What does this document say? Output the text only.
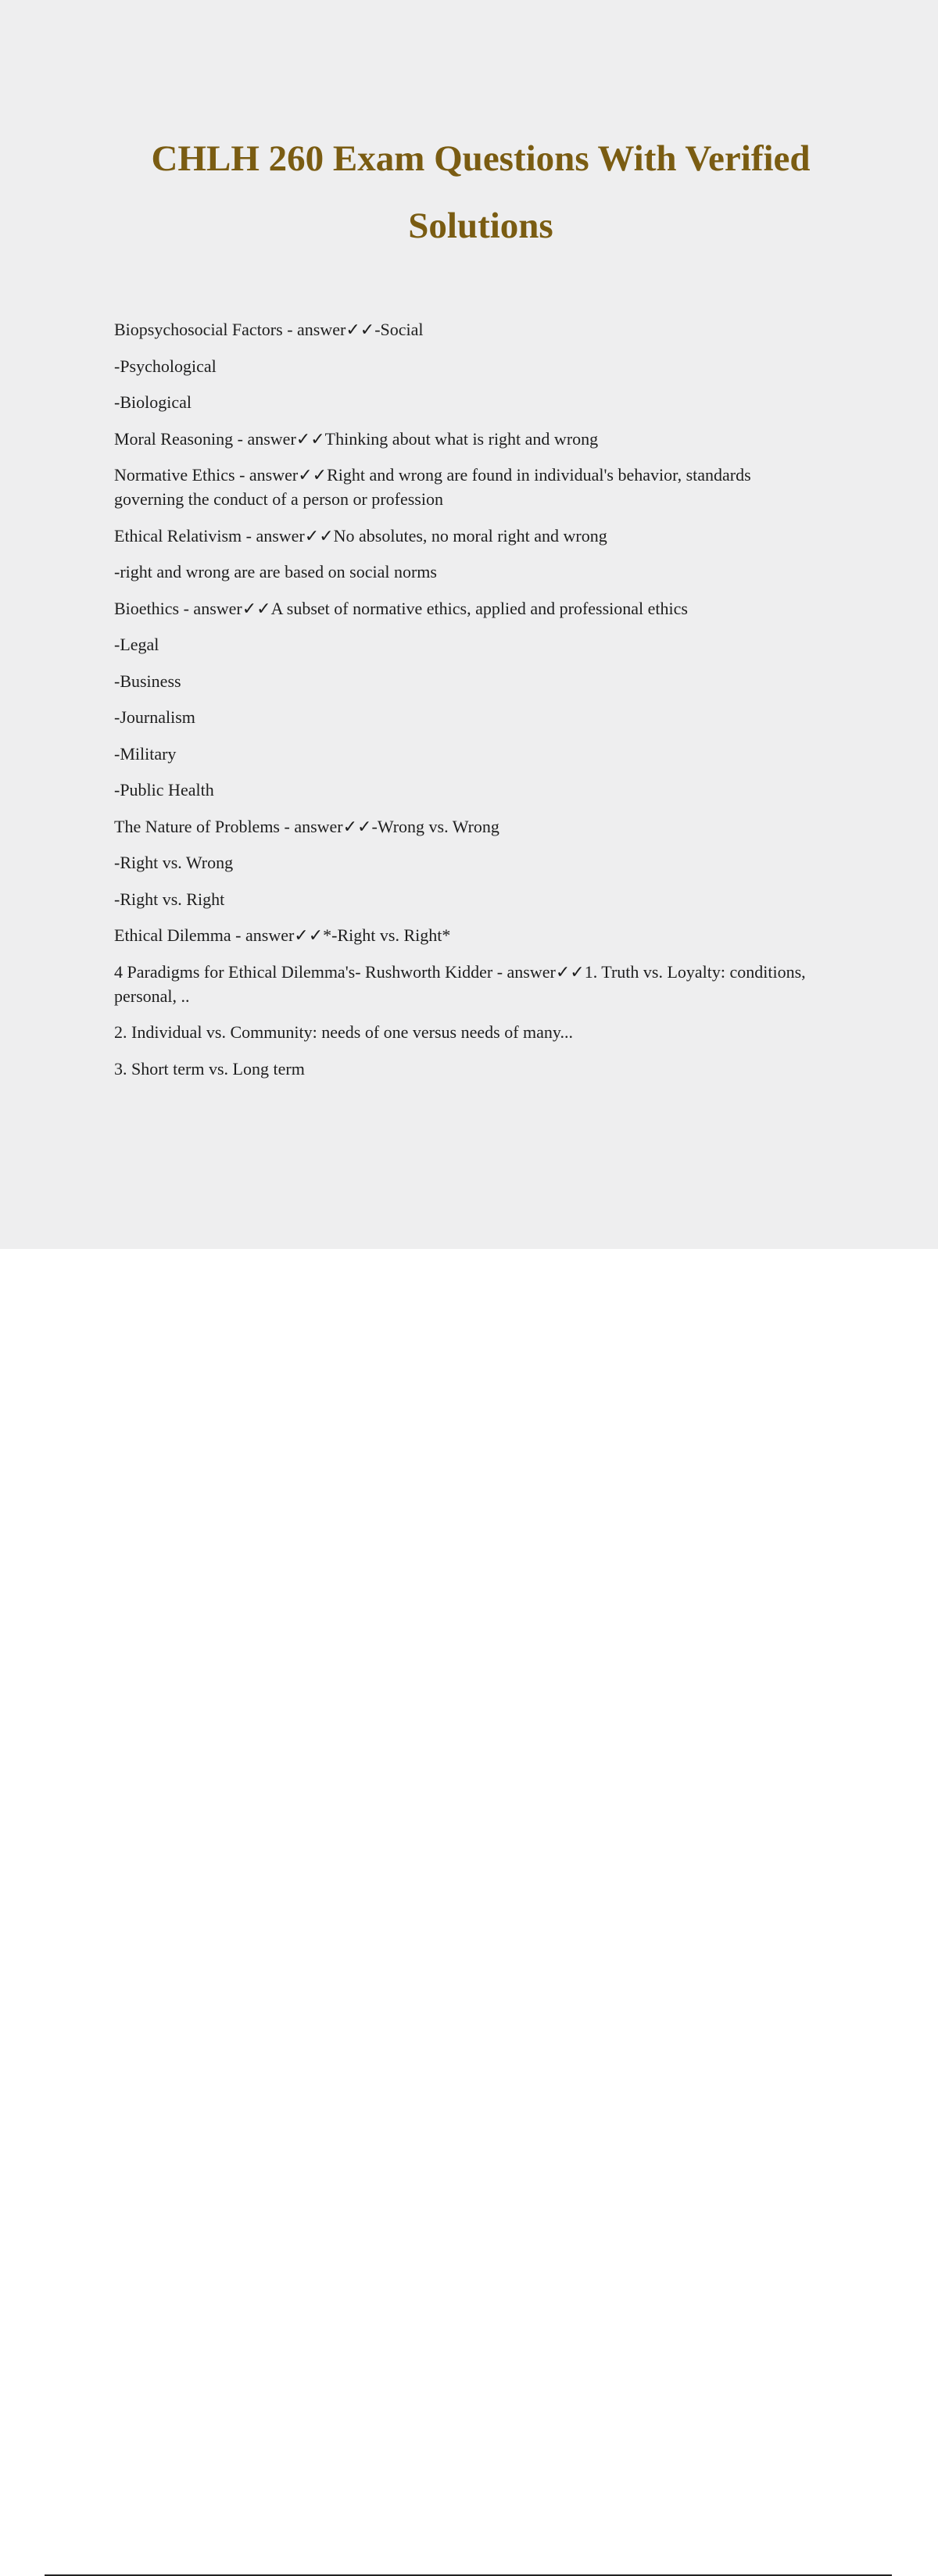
CHLH 260 Exam Questions With Verified Solutions

Biopsychosocial Factors - answer✓✓-Social

-Psychological

-Biological

Moral Reasoning - answer✓✓Thinking about what is right and wrong

Normative Ethics - answer✓✓Right and wrong are found in individual's behavior, standards governing the conduct of a person or profession

Ethical Relativism - answer✓✓No absolutes, no moral right and wrong

-right and wrong are are based on social norms

Bioethics - answer✓✓A subset of normative ethics, applied and professional ethics

-Legal

-Business

-Journalism

-Military

-Public Health

The Nature of Problems - answer✓✓-Wrong vs. Wrong

-Right vs. Wrong

-Right vs. Right

Ethical Dilemma - answer✓✓*-Right vs. Right*

4 Paradigms for Ethical Dilemma's- Rushworth Kidder - answer✓✓1. Truth vs. Loyalty: conditions, personal, ..

2. Individual vs. Community: needs of one versus needs of many...

3. Short term vs. Long term
